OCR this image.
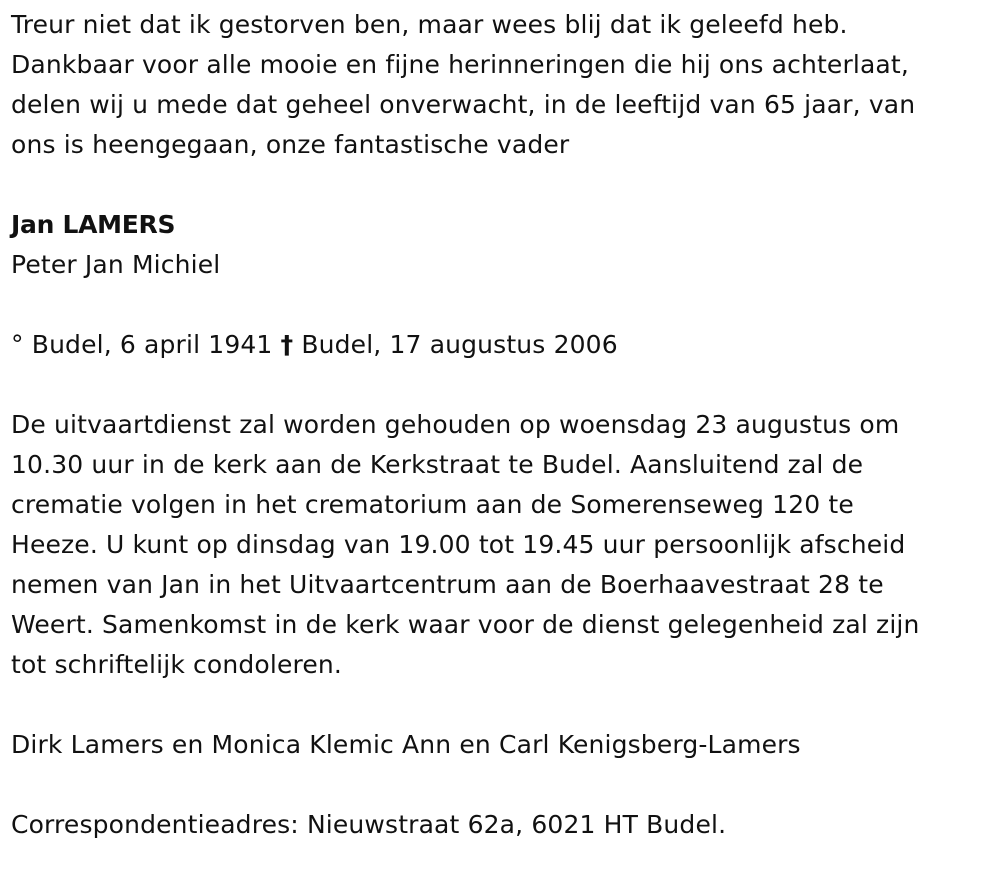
Treur niet dat ik gestorven ben, maar wees blij dat ik geleefd heb.
Dankbaar voor alle mooie en fijne herinneringen die hij ons achterlaat,
delen wij u mede dat geheel onverwacht, in de leeftijd van 65 jaar, van
ons is heengegaan, onze fantastische vader
Jan LAMERS
Peter Jan Michiel
° Budel, 6 april 1941 † Budel, 17 augustus 2006
De uitvaartdienst zal worden gehouden op woensdag 23 augustus om
10.30 uur in de kerk aan de Kerkstraat te Budel. Aansluitend zal de
crematie volgen in het crematorium aan de Somerenseweg 120 te
Heeze. U kunt op dinsdag van 19.00 tot 19.45 uur persoonlijk afscheid
nemen van Jan in het Uitvaartcentrum aan de Boerhaavestraat 28 te
Weert. Samenkomst in de kerk waar voor de dienst gelegenheid zal zijn
tot schriftelijk condoleren.
Dirk Lamers en Monica Klemic Ann en Carl Kenigsberg-Lamers
Correspondentieadres: Nieuwstraat 62a, 6021 HT Budel.
